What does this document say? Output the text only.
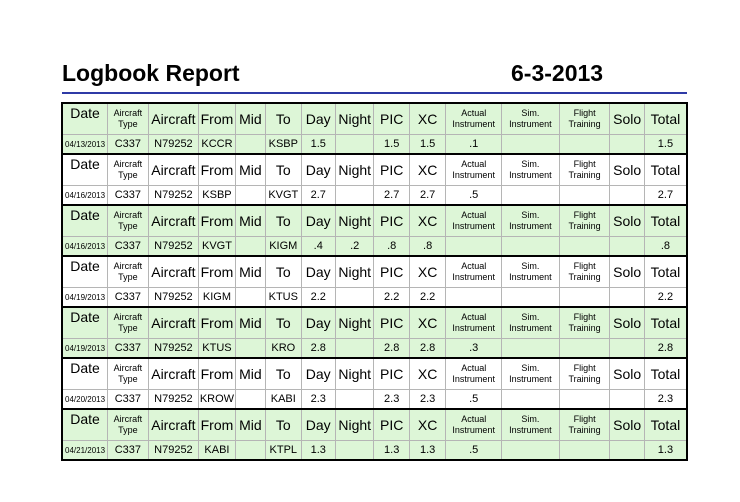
Logbook Report	6-3-2013
Date	Aircraft Type	Aircraft	From	Mid	To	Day	Night	PIC	XC	Actual Instrument	Sim. Instrument	Flight Training	Solo	Total
04/13/2013	C337	N79252	KCCR		KSBP	1.5		1.5	1.5	.1				1.5
Date	Aircraft Type	Aircraft	From	Mid	To	Day	Night	PIC	XC	Actual Instrument	Sim. Instrument	Flight Training	Solo	Total
04/16/2013	C337	N79252	KSBP		KVGT	2.7		2.7	2.7	.5				2.7
Date	Aircraft Type	Aircraft	From	Mid	To	Day	Night	PIC	XC	Actual Instrument	Sim. Instrument	Flight Training	Solo	Total
04/16/2013	C337	N79252	KVGT		KIGM	.4	.2	.8	.8					.8
Date	Aircraft Type	Aircraft	From	Mid	To	Day	Night	PIC	XC	Actual Instrument	Sim. Instrument	Flight Training	Solo	Total
04/19/2013	C337	N79252	KIGM		KTUS	2.2		2.2	2.2					2.2
Date	Aircraft Type	Aircraft	From	Mid	To	Day	Night	PIC	XC	Actual Instrument	Sim. Instrument	Flight Training	Solo	Total
04/19/2013	C337	N79252	KTUS		KRO	2.8		2.8	2.8	.3				2.8
Date	Aircraft Type	Aircraft	From	Mid	To	Day	Night	PIC	XC	Actual Instrument	Sim. Instrument	Flight Training	Solo	Total
04/20/2013	C337	N79252	KROW		KABI	2.3		2.3	2.3	.5				2.3
Date	Aircraft Type	Aircraft	From	Mid	To	Day	Night	PIC	XC	Actual Instrument	Sim. Instrument	Flight Training	Solo	Total
04/21/2013	C337	N79252	KABI		KTPL	1.3		1.3	1.3	.5				1.3
